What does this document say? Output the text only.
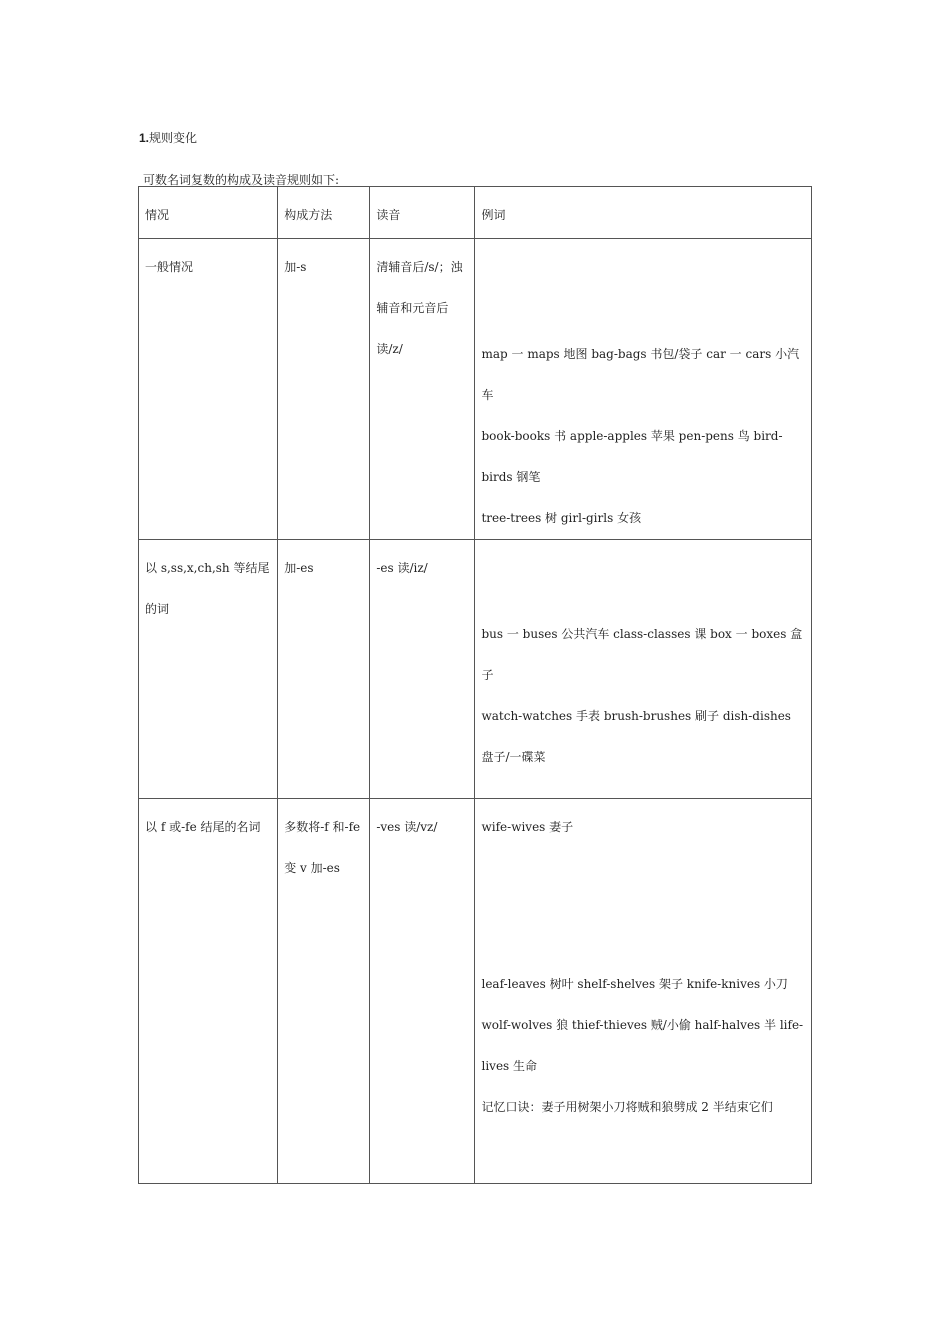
1.规则变化

可数名词复数的构成及读音规则如下:

情况	构成方法	读音	例词

一般情况	加-s	清辅音后/s/；浊辅音和元音后读/z/	map 一 maps 地图 bag-bags 书包/袋子 car 一 cars 小汽车

book-books 书 apple-apples 苹果 pen-pens 鸟 bird-birds 钢笔

tree-trees 树 girl-girls 女孩

以 s,ss,x,ch,sh 等结尾的词	加-es	-es 读/iz/	bus 一 buses 公共汽车 class-classes 课 box 一 boxes 盒子

watch-watches 手表 brush-brushes 刷子 dish-dishes 盘子/一碟菜

以 f 或-fe 结尾的名词	多数将-f 和-fe 变 v 加-es	-ves 读/vz/	wife-wives 妻子

leaf-leaves 树叶 shelf-shelves 架子 knife-knives 小刀 wolf-wolves 狼 thief-thieves 贼/小偷 half-halves 半 life-lives 生命

记忆口诀：妻子用树架小刀将贼和狼劈成 2 半结束它们
